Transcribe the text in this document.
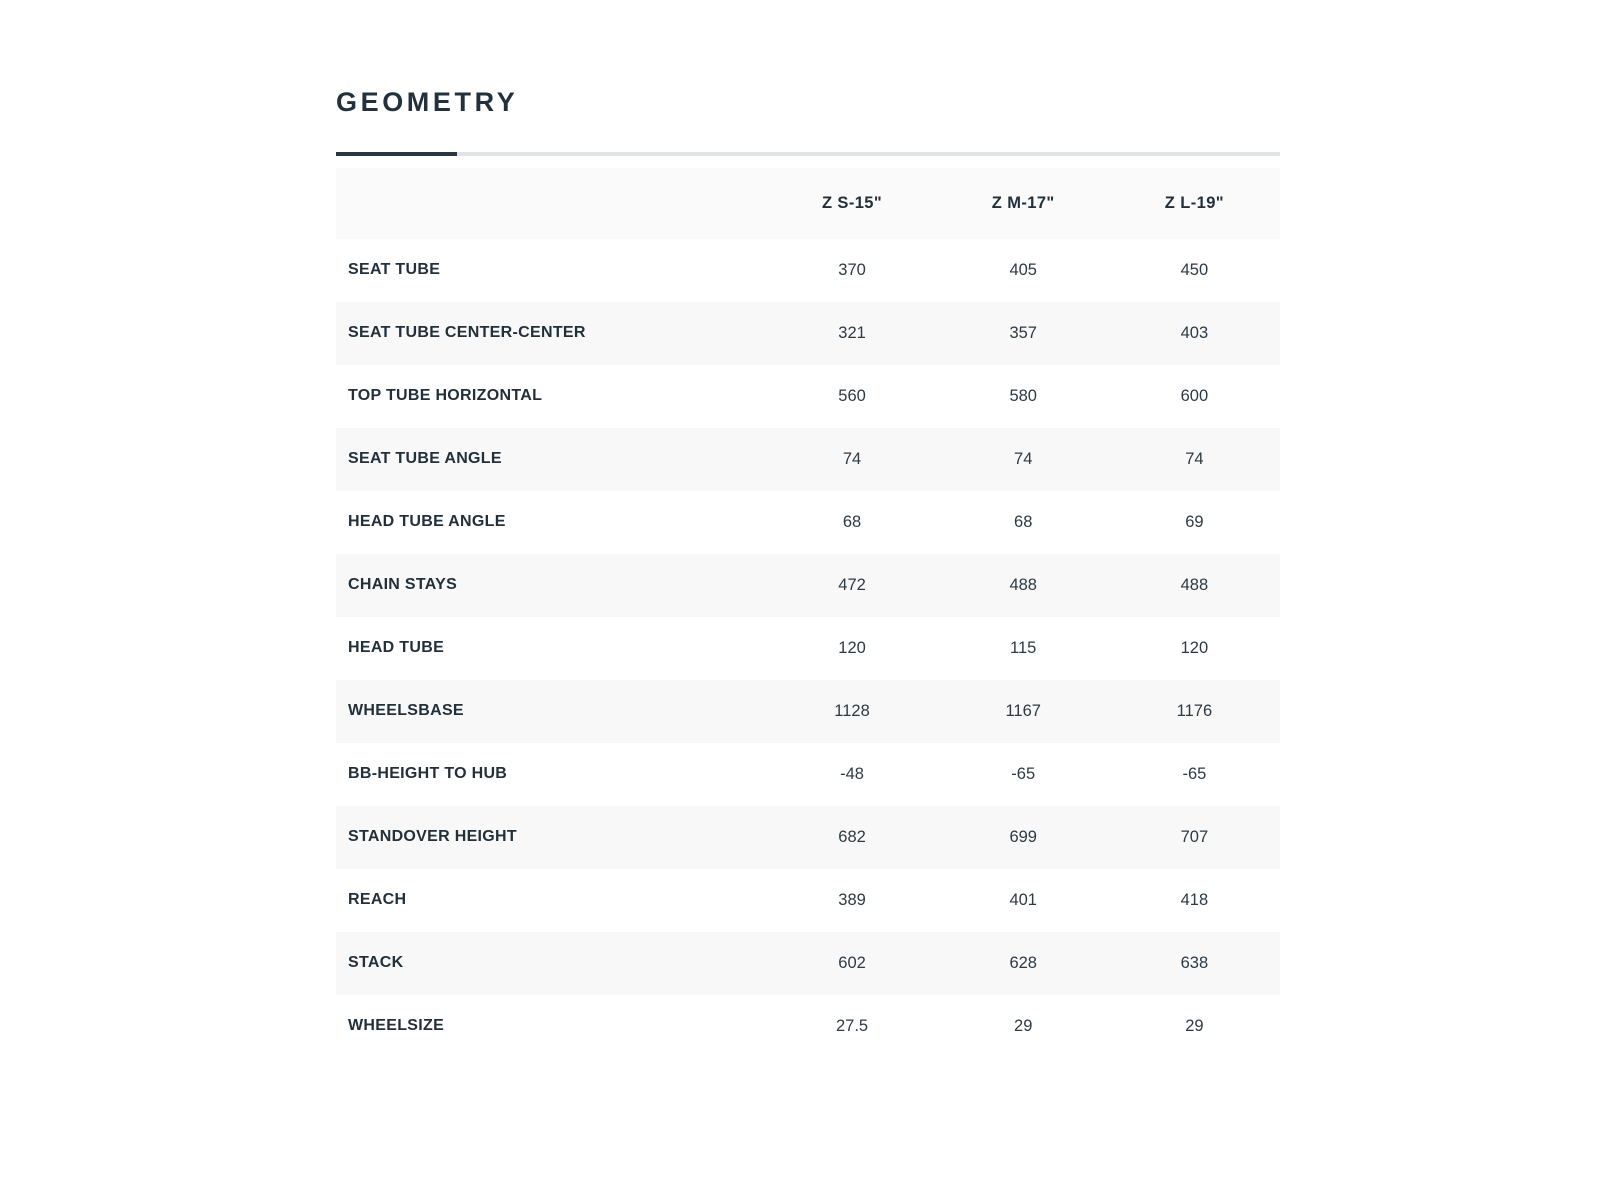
GEOMETRY
	Z S-15"	Z M-17"	Z L-19"
SEAT TUBE	370	405	450
SEAT TUBE CENTER-CENTER	321	357	403
TOP TUBE HORIZONTAL	560	580	600
SEAT TUBE ANGLE	74	74	74
HEAD TUBE ANGLE	68	68	69
CHAIN STAYS	472	488	488
HEAD TUBE	120	115	120
WHEELSBASE	1128	1167	1176
BB-HEIGHT TO HUB	-48	-65	-65
STANDOVER HEIGHT	682	699	707
REACH	389	401	418
STACK	602	628	638
WHEELSIZE	27.5	29	29
